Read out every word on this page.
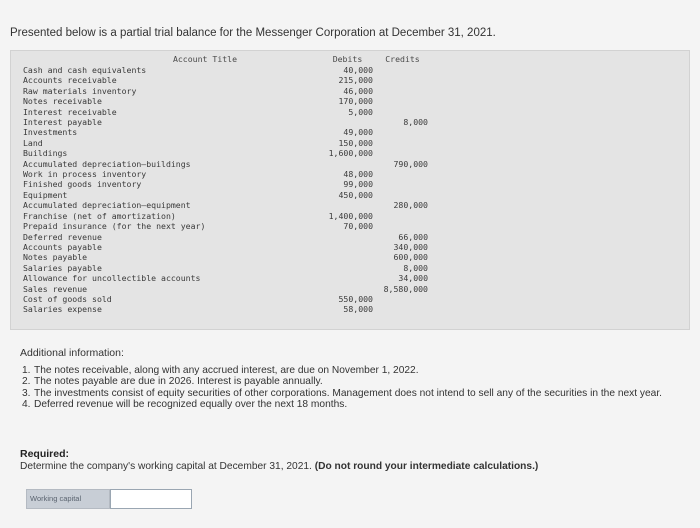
Presented below is a partial trial balance for the Messenger Corporation at December 31, 2021.
Account Title	Debits	Credits
Cash and cash equivalents	40,000	
Accounts receivable	215,000	
Raw materials inventory	46,000	
Notes receivable	170,000	
Interest receivable	5,000	
Interest payable		8,000
Investments	49,000	
Land	150,000	
Buildings	1,600,000	
Accumulated depreciation–buildings		790,000
Work in process inventory	48,000	
Finished goods inventory	99,000	
Equipment	450,000	
Accumulated depreciation–equipment		280,000
Franchise (net of amortization)	1,400,000	
Prepaid insurance (for the next year)	70,000	
Deferred revenue		66,000
Accounts payable		340,000
Notes payable		600,000
Salaries payable		8,000
Allowance for uncollectible accounts		34,000
Sales revenue		8,580,000
Cost of goods sold	550,000	
Salaries expense	58,000	
Additional information:
1. The notes receivable, along with any accrued interest, are due on November 1, 2022.
2. The notes payable are due in 2026. Interest is payable annually.
3. The investments consist of equity securities of other corporations. Management does not intend to sell any of the securities in the next year.
4. Deferred revenue will be recognized equally over the next 18 months.
Required:
Determine the company's working capital at December 31, 2021. (Do not round your intermediate calculations.)
Working capital
